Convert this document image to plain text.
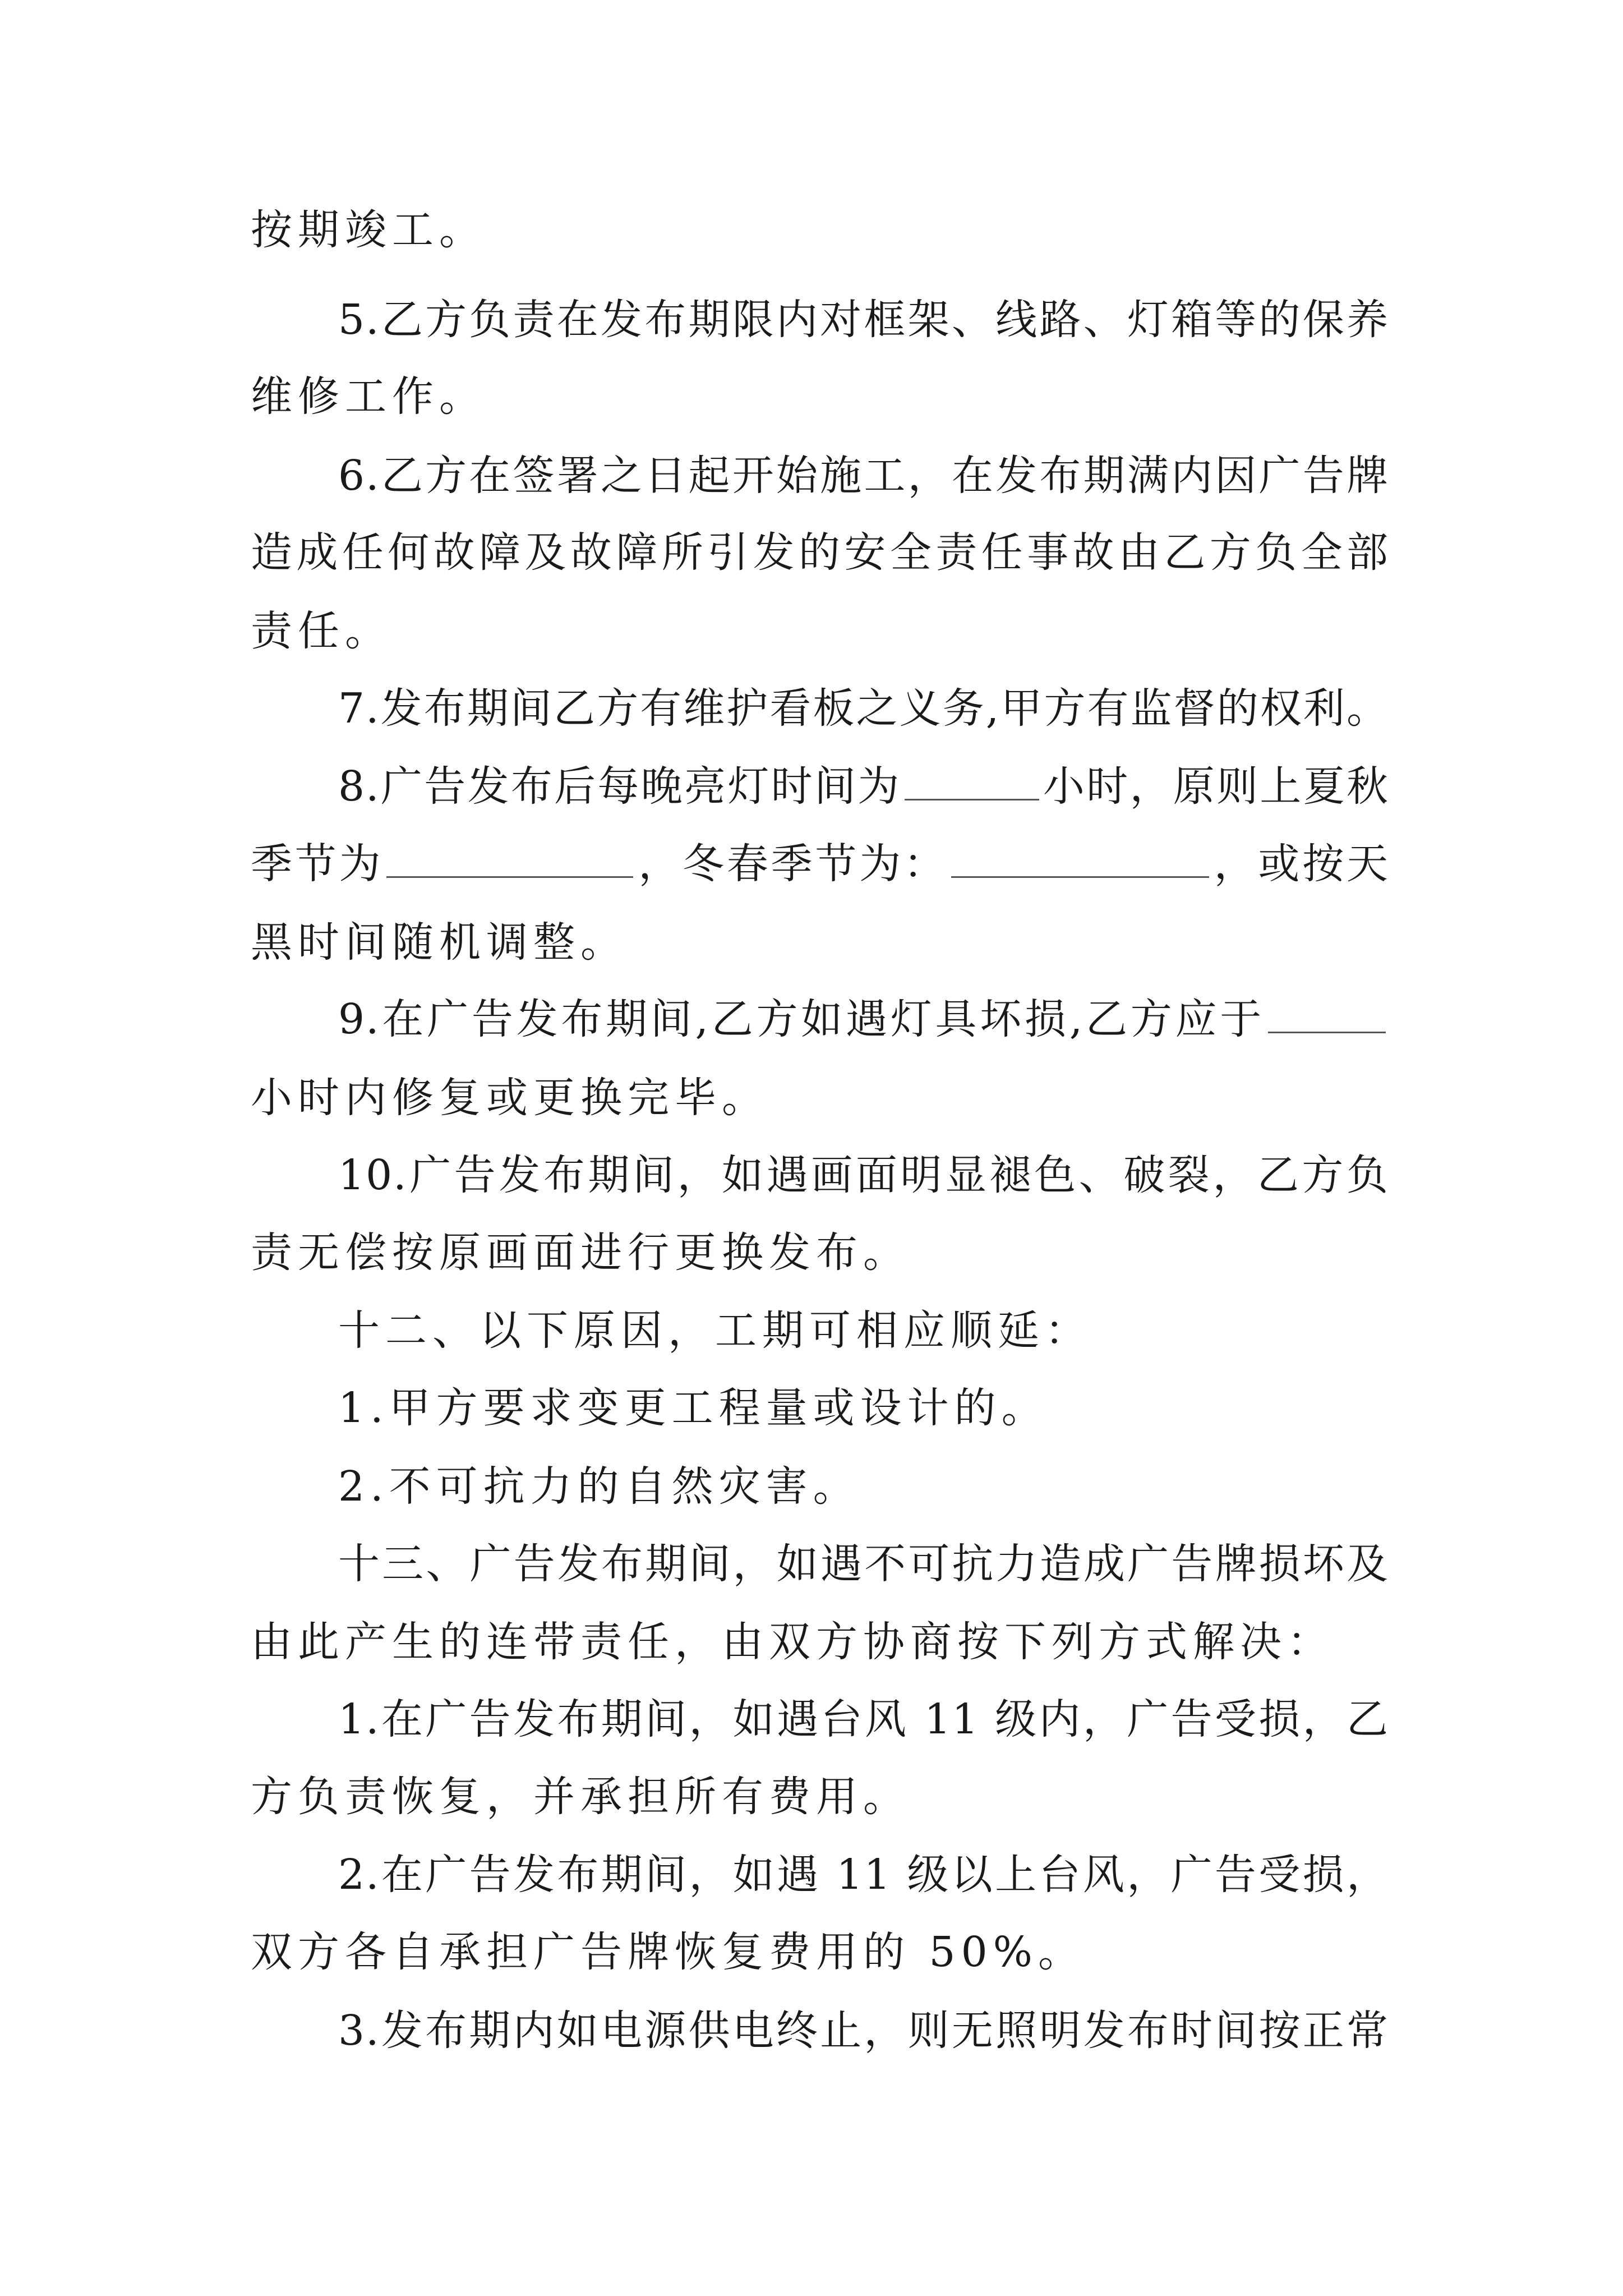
按期竣工。
5.乙方负责在发布期限内对框架、线路、灯箱等的保养
维修工作。
6.乙方在签署之日起开始施工，在发布期满内因广告牌
造成任何故障及故障所引发的安全责任事故由乙方负全部
责任。
7.发布期间乙方有维护看板之义务,甲方有监督的权利。
8.广告发布后每晚亮灯时间为	小时，原则上夏秋
季节为	，冬春季节为：	，或按天
黑时间随机调整。
9.在广告发布期间,乙方如遇灯具坏损,乙方应于
小时内修复或更换完毕。
10.广告发布期间，如遇画面明显褪色、破裂，乙方负
责无偿按原画面进行更换发布。
十二、以下原因，工期可相应顺延：
1.甲方要求变更工程量或设计的。
2.不可抗力的自然灾害。
十三、广告发布期间，如遇不可抗力造成广告牌损坏及
由此产生的连带责任，由双方协商按下列方式解决：
1.在广告发布期间，如遇台风 11 级内，广告受损，乙
方负责恢复，并承担所有费用。
2.在广告发布期间，如遇 11 级以上台风，广告受损，
双方各自承担广告牌恢复费用的 50%。
3.发布期内如电源供电终止，则无照明发布时间按正常
